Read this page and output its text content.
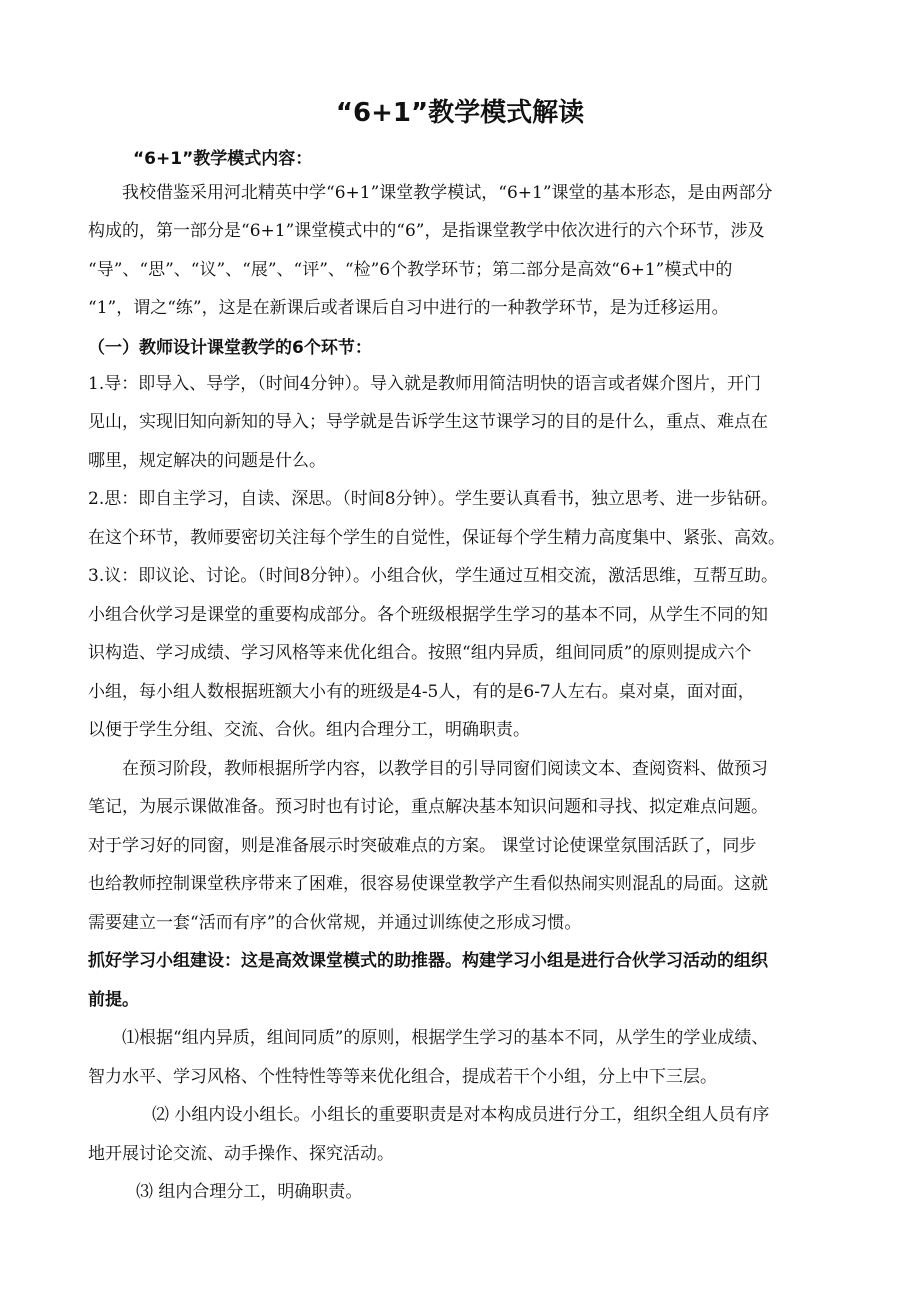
“6+1”教学模式解读
“6+1”教学模式内容：
我校借鉴采用河北精英中学“6+1”课堂教学模试，“6+1”课堂的基本形态，是由两部分
构成的，第一部分是“6+1”课堂模式中的“6”，是指课堂教学中依次进行的六个环节，涉及
“导”、“思”、“议”、“展”、“评”、“检”6个教学环节；第二部分是高效“6+1”模式中的
“1”，谓之“练”，这是在新课后或者课后自习中进行的一种教学环节，是为迁移运用。
（一）教师设计课堂教学的6个环节：
1.导：即导入、导学，（时间4分钟）。导入就是教师用简洁明快的语言或者媒介图片，开门
见山，实现旧知向新知的导入；导学就是告诉学生这节课学习的目的是什么，重点、难点在
哪里，规定解决的问题是什么。
2.思：即自主学习，自读、深思。（时间8分钟）。学生要认真看书，独立思考、进一步钻研。
在这个环节，教师要密切关注每个学生的自觉性，保证每个学生精力高度集中、紧张、高效。
3.议：即议论、讨论。（时间8分钟）。小组合伙，学生通过互相交流，激活思维，互帮互助。
小组合伙学习是课堂的重要构成部分。各个班级根据学生学习的基本不同，从学生不同的知
识构造、学习成绩、学习风格等来优化组合。按照“组内异质，组间同质”的原则提成六个
小组，每小组人数根据班额大小有的班级是4-5人，有的是6-7人左右。桌对桌，面对面，
以便于学生分组、交流、合伙。组内合理分工，明确职责。
在预习阶段，教师根据所学内容，以教学目的引导同窗们阅读文本、查阅资料、做预习
笔记，为展示课做准备。预习时也有讨论，重点解决基本知识问题和寻找、拟定难点问题。
对于学习好的同窗，则是准备展示时突破难点的方案。 课堂讨论使课堂氛围活跃了，同步
也给教师控制课堂秩序带来了困难，很容易使课堂教学产生看似热闹实则混乱的局面。这就
需要建立一套“活而有序”的合伙常规，并通过训练使之形成习惯。
抓好学习小组建设：这是高效课堂模式的助推器。构建学习小组是进行合伙学习活动的组织
前提。
⑴根据“组内异质，组间同质”的原则，根据学生学习的基本不同，从学生的学业成绩、
智力水平、学习风格、个性特性等等来优化组合，提成若干个小组，分上中下三层。
⑵ 小组内设小组长。小组长的重要职责是对本构成员进行分工，组织全组人员有序
地开展讨论交流、动手操作、探究活动。
⑶ 组内合理分工，明确职责。
